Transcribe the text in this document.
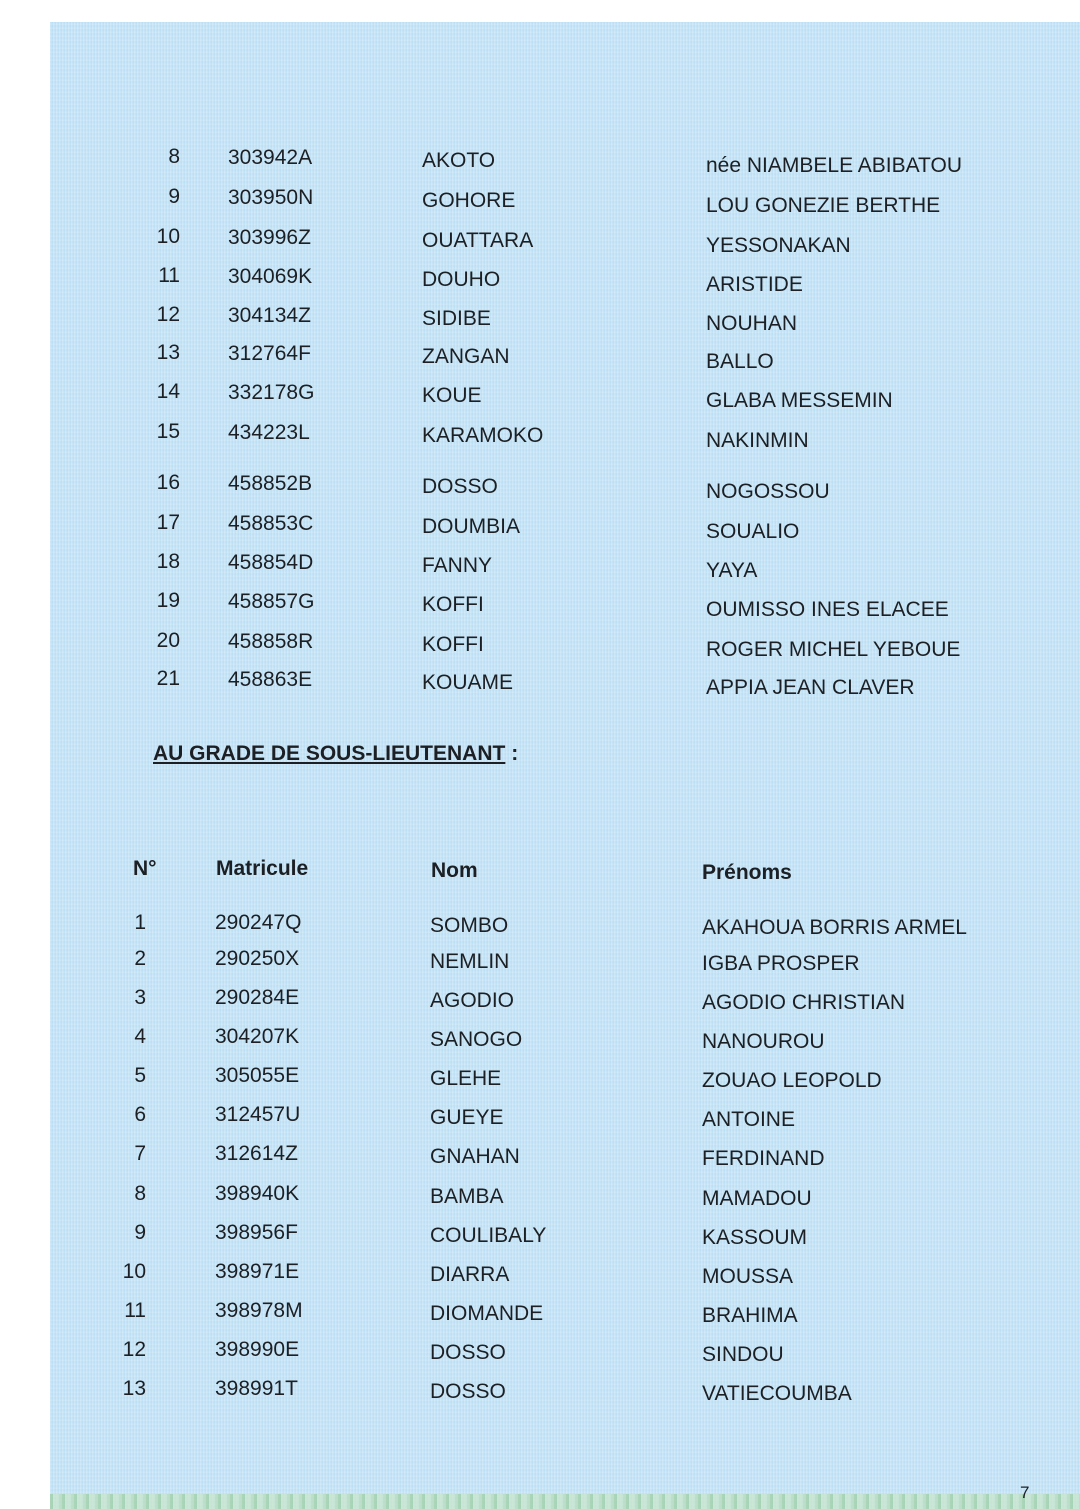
8 303942A	AKOTO	née NIAMBELE ABIBATOU
9 303950N	GOHORE	LOU GONEZIE BERTHE
10 303996Z	OUATTARA	YESSONAKAN
11 304069K	DOUHO	ARISTIDE
12 304134Z	SIDIBE	NOUHAN
13 312764F	ZANGAN	BALLO
14 332178G	KOUE	GLABA MESSEMIN
15 434223L	KARAMOKO	NAKINMIN
16 458852B	DOSSO	NOGOSSOU
17 458853C	DOUMBIA	SOUALIO
18 458854D	FANNY	YAYA
19 458857G	KOFFI	OUMISSO INES ELACEE
20 458858R	KOFFI	ROGER MICHEL YEBOUE
21 458863E	KOUAME	APPIA JEAN CLAVER
AU GRADE DE SOUS-LIEUTENANT :
N°	Matricule	Nom	Prénoms
1	290247Q	SOMBO	AKAHOUA BORRIS ARMEL
2	290250X	NEMLIN	IGBA PROSPER
3	290284E	AGODIO	AGODIO CHRISTIAN
4	304207K	SANOGO	NANOUROU
5	305055E	GLEHE	ZOUAO LEOPOLD
6	312457U	GUEYE	ANTOINE
7	312614Z	GNAHAN	FERDINAND
8	398940K	BAMBA	MAMADOU
9	398956F	COULIBALY	KASSOUM
10	398971E	DIARRA	MOUSSA
11	398978M	DIOMANDE	BRAHIMA
12	398990E	DOSSO	SINDOU
13	398991T	DOSSO	VATIECOUMBA
7
